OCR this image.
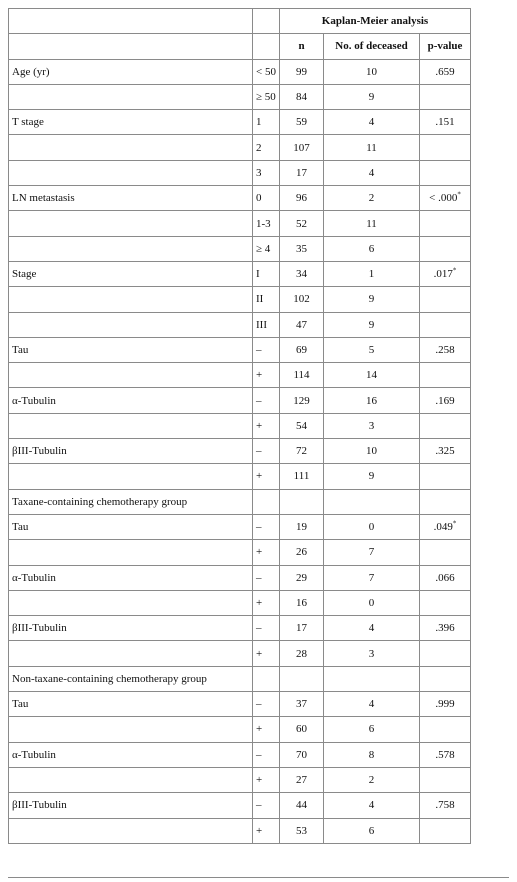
		Kaplan-Meier analysis		
		n	No. of deceased	p-value
Age (yr)	< 50	99	10	.659
	≥ 50	84	9	
T stage	1	59	4	.151
	2	107	11	
	3	17	4	
LN metastasis	0	96	2	< .000*
	1-3	52	11	
	≥ 4	35	6	
Stage	I	34	1	.017*
	II	102	9	
	III	47	9	
Tau	–	69	5	.258
	+	114	14	
α-Tubulin	–	129	16	.169
	+	54	3	
βIII-Tubulin	–	72	10	.325
	+	111	9	
Taxane-containing chemotherapy group				
Tau	–	19	0	.049*
	+	26	7	
α-Tubulin	–	29	7	.066
	+	16	0	
βIII-Tubulin	–	17	4	.396
	+	28	3	
Non-taxane-containing chemotherapy group				
Tau	–	37	4	.999
	+	60	6	
α-Tubulin	–	70	8	.578
	+	27	2	
βIII-Tubulin	–	44	4	.758
	+	53	6	
